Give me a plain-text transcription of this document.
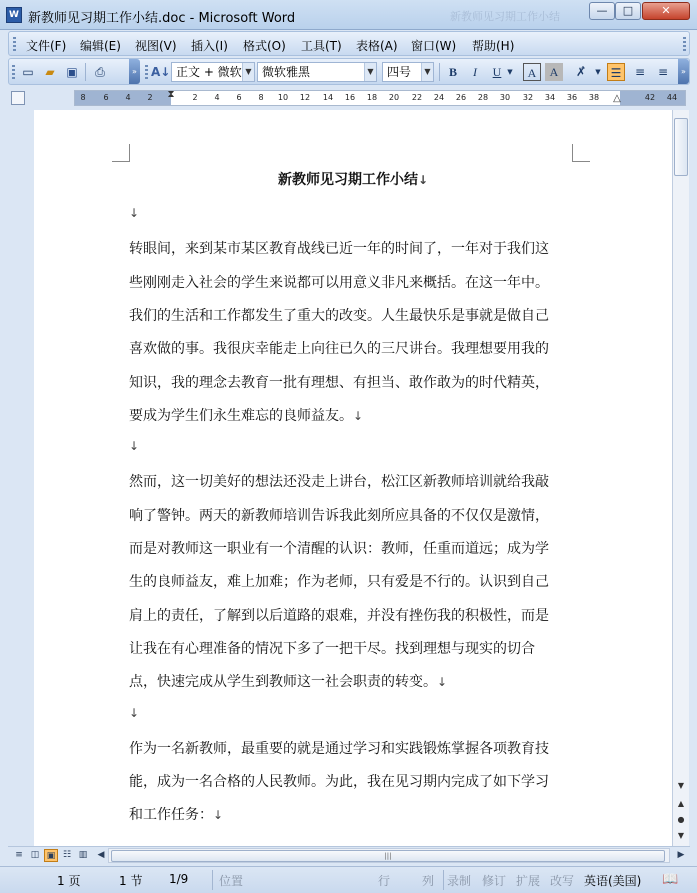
W 新教师见习期工作小结.doc - Microsoft Word	新教师见习期工作小结	—	□	✕
文件(F) 编辑(E) 视图(V) 插入(I) 格式(O) 工具(T) 表格(A) 窗口(W) 帮助(H)
▭ ▰ ▣	⎙	» A↓ 正文 + 微软 ▼ 微软雅黑	▼	四号	▼	B	I	U ▼	A	A	✗̂	▼ ☰	≡	≡	»
8 6 4 2	2 4 6 8 10 12 14 16 18 20 22 24 26 28 30 32 34 36 38	42 44
⧗	△
新教师见习期工作小结↓
↓
转眼间，来到某市某区教育战线已近一年的时间了，一年对于我们这
些刚刚走入社会的学生来说都可以用意义非凡来概括。在这一年中。
我们的生活和工作都发生了重大的改变。人生最快乐是事就是做自己
喜欢做的事。我很庆幸能走上向往已久的三尺讲台。我理想要用我的
知识，我的理念去教育一批有理想、有担当、敢作敢为的时代精英，
要成为学生们永生难忘的良师益友。↓
↓
然而，这一切美好的想法还没走上讲台，松江区新教师培训就给我敲
响了警钟。两天的新教师培训告诉我此刻所应具备的不仅仅是激情，
而是对教师这一职业有一个清醒的认识：教师，任重而道远；成为学
生的良师益友，难上加难；作为老师，只有爱是不行的。认识到自己
肩上的责任，了解到以后道路的艰难，并没有挫伤我的积极性，而是
让我在有心理准备的情况下多了一把干尽。找到理想与现实的切合
点，快速完成从学生到教师这一社会职责的转变。↓
↓
作为一名新教师，最重要的就是通过学习和实践锻炼掌握各项教育技
能，成为一名合格的人民教师。为此，我在见习期内完成了如下学习
和工作任务：↓
▼
▲
●
▼
≡ ◫ ▣ ☷ ▥	◀	|||	▶
1 页	1 节 1/9	位置	行	列 录制 修订 扩展 改写 英语(美国) 📖
